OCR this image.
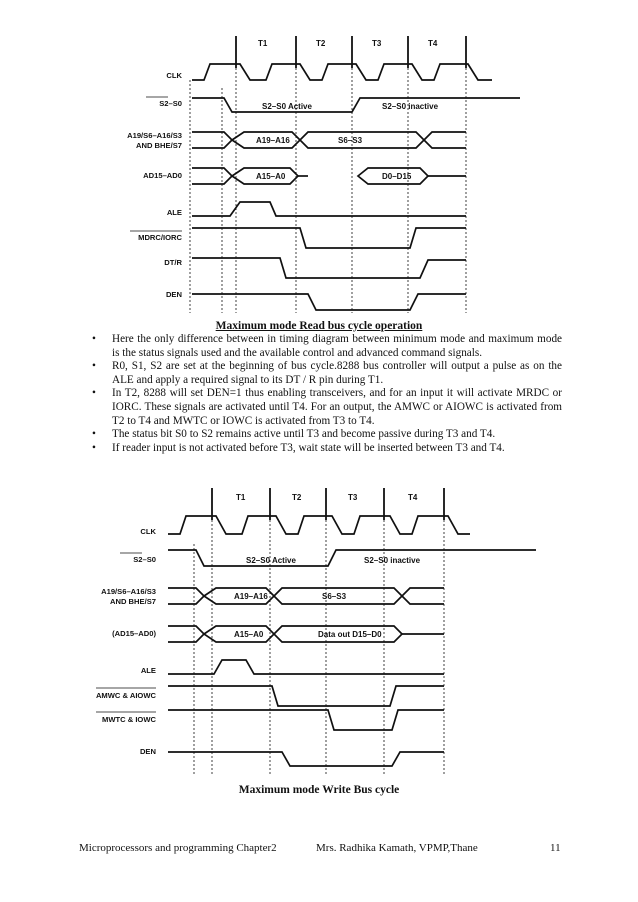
T1	T2	T3	T4
CLK
S2–S0
A19/S6–A16/S3
AND BHE/S7
AD15–AD0
ALE
MDRC/IORC
DT/R
DEN
S2–S0 Active	S2–S0 inactive
A19–A16	S6–S3
A15–A0	D0–D15
Maximum mode Read bus cycle operation
• Here the only difference between in timing diagram between minimum mode and maximum mode is the status signals used and the available control and advanced command signals.
• R0, S1, S2 are set at the beginning of bus cycle.8288 bus controller will output a pulse as on the ALE and apply a required signal to its DT / R pin during T1.
• In T2, 8288 will set DEN=1 thus enabling transceivers, and for an input it will activate MRDC or IORC. These signals are activated until T4. For an output, the AMWC or AIOWC is activated from T2 to T4 and MWTC or IOWC is activated from T3 to T4.
• The status bit S0 to S2 remains active until T3 and become passive during T3 and T4.
• If reader input is not activated before T3, wait state will be inserted between T3 and T4.
T1	T2	T3	T4
CLK
S2–S0
A19/S6–A16/S3
AND BHE/S7
(AD15–AD0)
ALE
AMWC & AIOWC
MWTC & IOWC
DEN
S2–S0 Active	S2–S0 inactive
A19–A16	S6–S3
A15–A0	Data out D15–D0
Maximum mode Write Bus cycle
Microprocessors and programming Chapter2	Mrs. Radhika Kamath, VPMP,Thane	11
